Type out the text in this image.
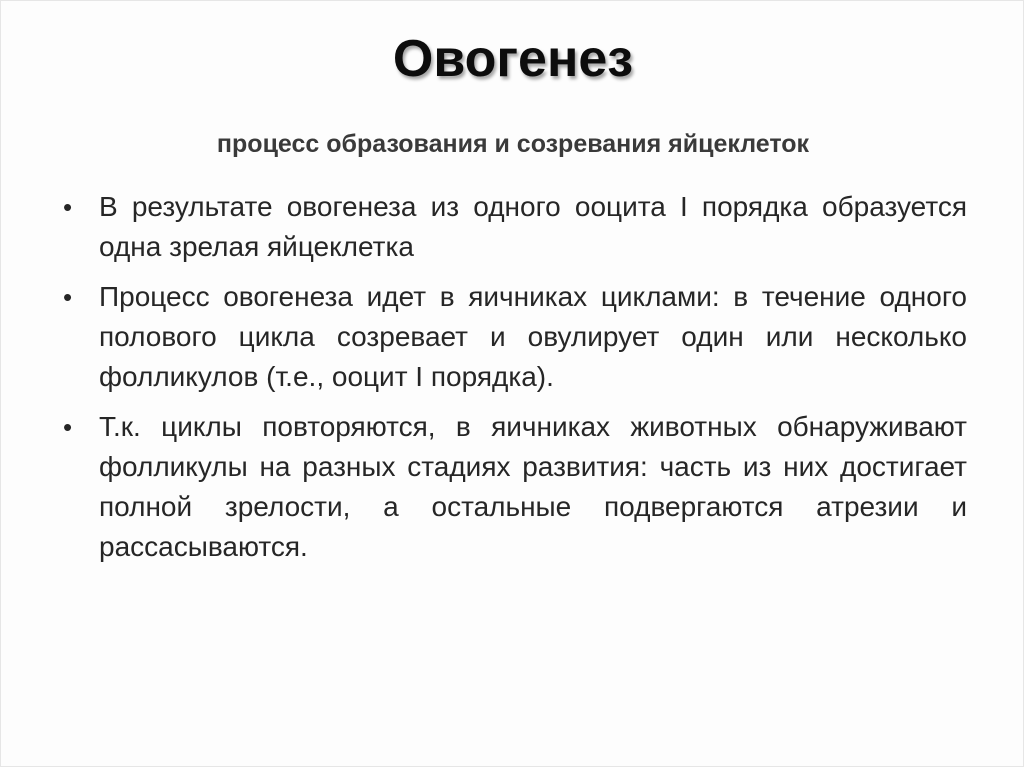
Овогенез
процесс образования и созревания яйцеклеток
• В результате овогенеза из одного ооцита I порядка образуется одна зрелая яйцеклетка
• Процесс овогенеза идет в яичниках циклами: в течение одного полового цикла созревает и овулирует один или несколько фолликулов (т.е., ооцит I порядка).
• Т.к. циклы повторяются, в яичниках животных обнаруживают фолликулы на разных стадиях развития: часть из них достигает полной зрелости, а остальные подвергаются атрезии и рассасываются.
